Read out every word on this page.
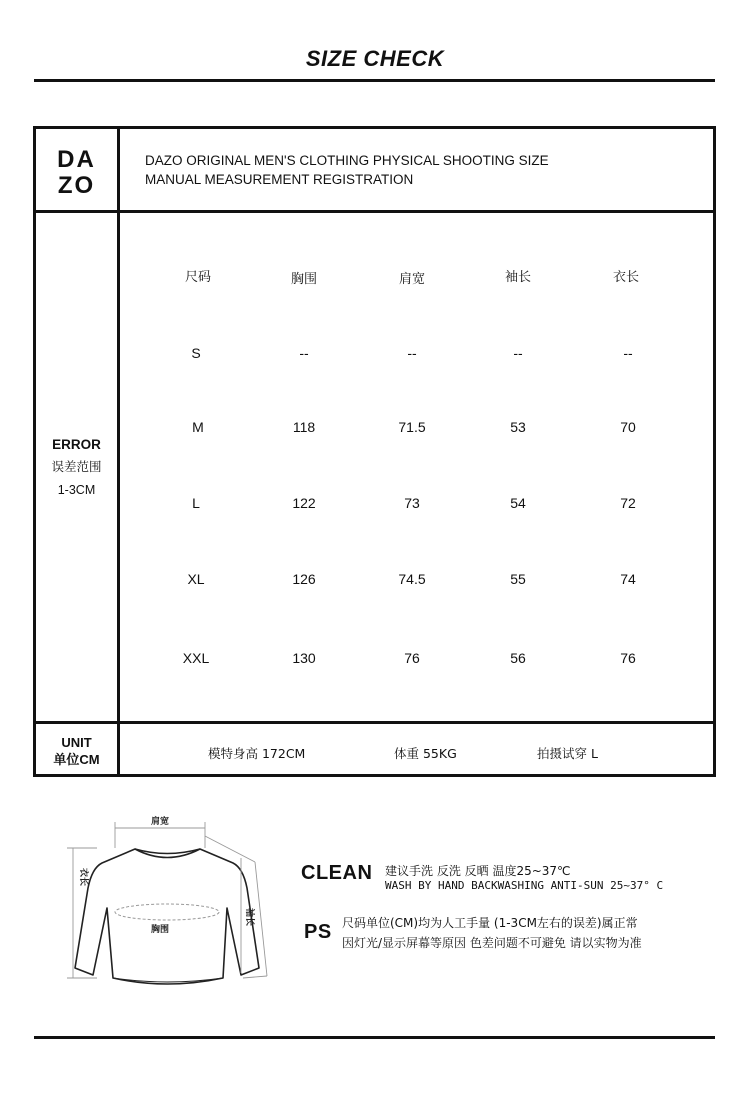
SIZE CHECK
DA
ZO
DAZO ORIGINAL MEN'S CLOTHING PHYSICAL SHOOTING SIZE
MANUAL MEASUREMENT REGISTRATION
ERROR
误差范围
1-3CM
尺码	胸围	肩宽	袖长	衣长
S	--	--	--	--
M	118	71.5	53	70
L	122	73	54	72
XL	126	74.5	55	74
XXL	130	76	56	76
UNIT
单位CM	模特身高 172CM	体重 55KG	拍摄试穿 L
肩宽
胸围
衣长
袖长
CLEAN 建议手洗 反洗 反晒 温度25~37℃
WASH BY HAND BACKWASHING ANTI-SUN 25~37° C
PS 尺码单位(CM)均为人工手量 (1-3CM左右的误差)属正常
因灯光/显示屏幕等原因 色差问题不可避免 请以实物为准
